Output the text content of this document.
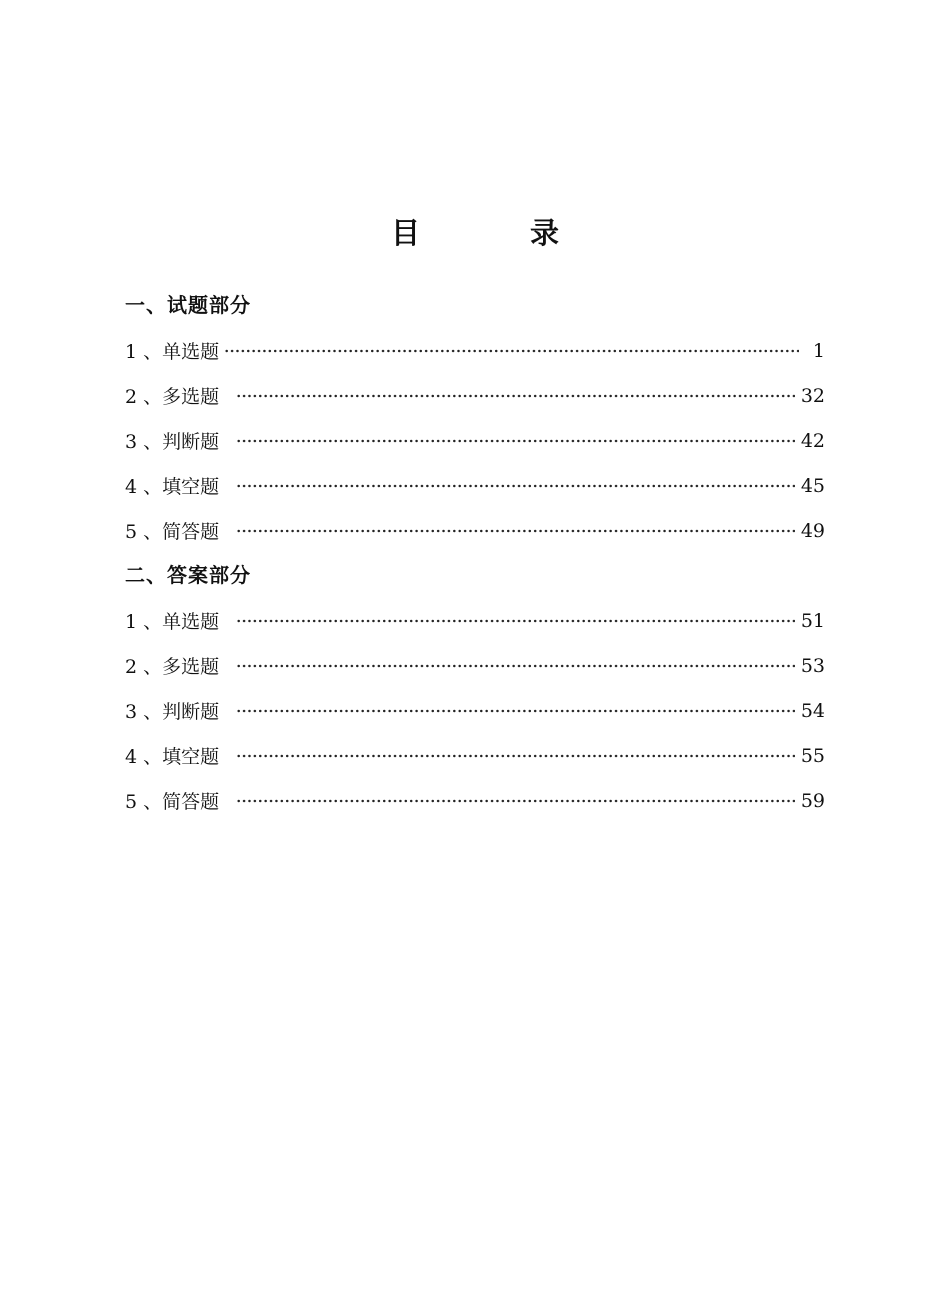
目 录
一、试题部分
1 、单选题	1
2 、多选题	32
3 、判断题	42
4 、填空题	45
5 、简答题	49
二、答案部分
1 、单选题	51
2 、多选题	53
3 、判断题	54
4 、填空题	55
5 、简答题	59
